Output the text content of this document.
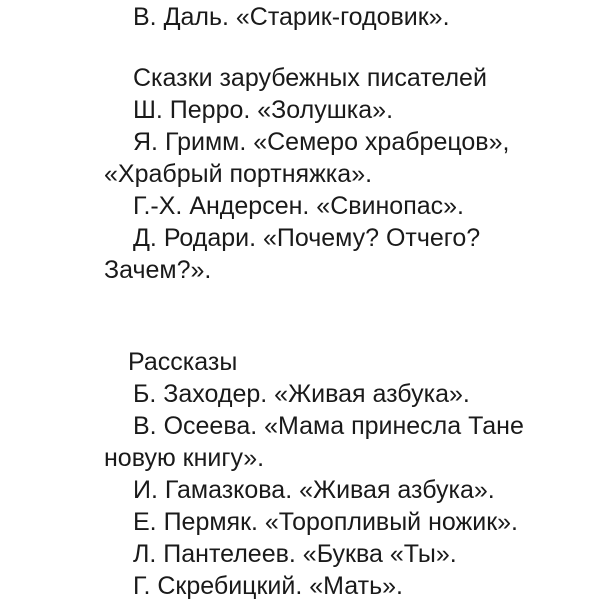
В. Даль. «Старик-годовик».
Сказки зарубежных писателей
Ш. Перро. «Золушка».
Я. Гримм. «Семеро храбрецов»,
«Храбрый портняжка».
Г.-Х. Андерсен. «Свинопас».
Д. Родари. «Почему? Отчего?
Зачем?».
Рассказы
Б. Заходер. «Живая азбука».
В. Осеева. «Мама принесла Тане
новую книгу».
И. Гамазкова. «Живая азбука».
Е. Пермяк. «Торопливый ножик».
Л. Пантелеев. «Буква «Ты».
Г. Скребицкий. «Мать».
